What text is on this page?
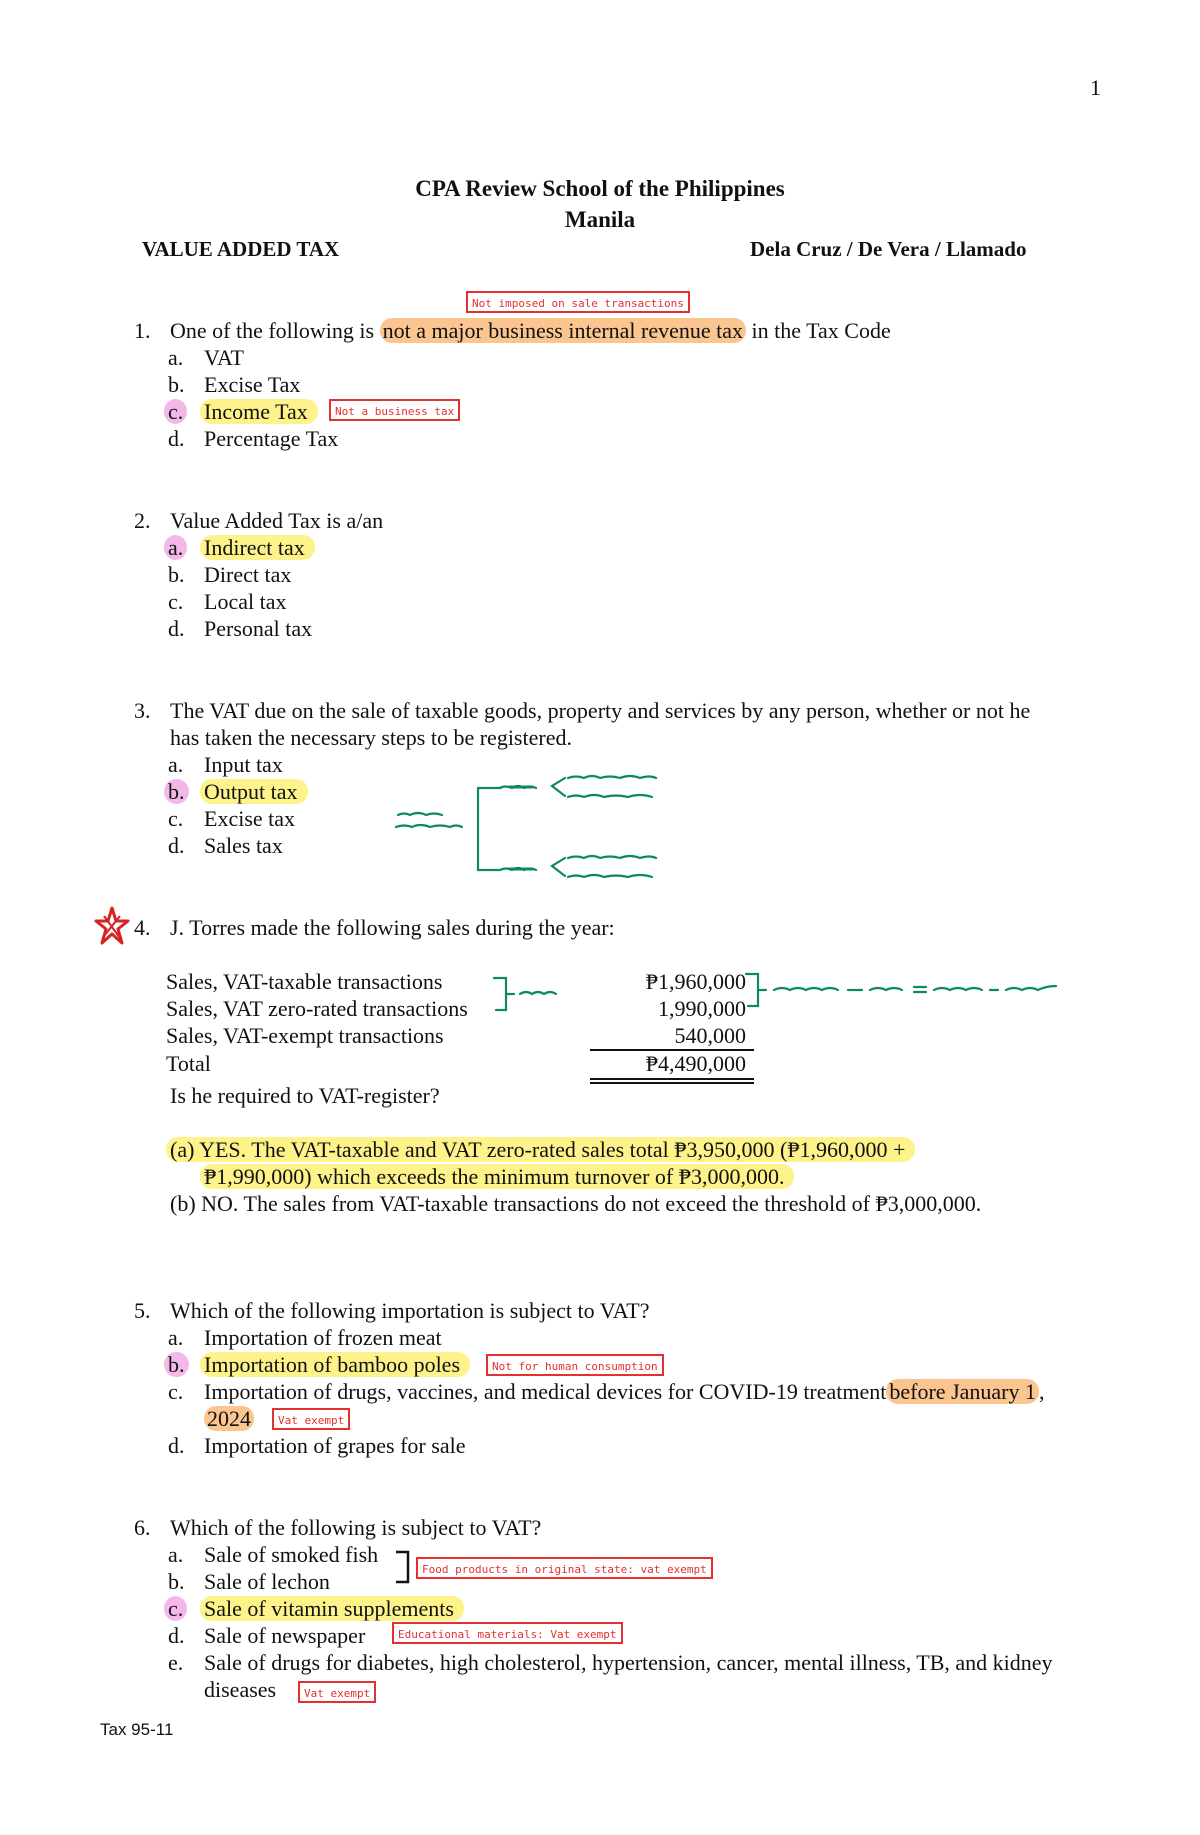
1
CPA Review School of the Philippines
Manila
VALUE ADDED TAX	Dela Cruz / De Vera / Llamado
Not imposed on sale transactions
1. One of the following is not a major business internal revenue tax in the Tax Code
a. VAT
b. Excise Tax
c. Income Tax	Not a business tax
d. Percentage Tax
2. Value Added Tax is a/an
a. Indirect tax
b. Direct tax
c. Local tax
d. Personal tax
3. The VAT due on the sale of taxable goods, property and services by any person, whether or not he
has taken the necessary steps to be registered.
a. Input tax
b. Output tax
c. Excise tax
d. Sales tax
4. J. Torres made the following sales during the year:
Sales, VAT-taxable transactions	₱1,960,000
Sales, VAT zero-rated transactions	1,990,000
Sales, VAT-exempt transactions	540,000
Total	₱4,490,000
Is he required to VAT-register?
(a) YES. The VAT-taxable and VAT zero-rated sales total ₱3,950,000 (₱1,960,000 +
₱1,990,000) which exceeds the minimum turnover of ₱3,000,000.
(b) NO. The sales from VAT-taxable transactions do not exceed the threshold of ₱3,000,000.
5. Which of the following importation is subject to VAT?
a. Importation of frozen meat
b. Importation of bamboo poles	Not for human consumption
c. Importation of drugs, vaccines, and medical devices for COVID-19 treatment before January 1 ,
2024	Vat exempt
d. Importation of grapes for sale
6. Which of the following is subject to VAT?
a. Sale of smoked fish
Food products in original state: vat exempt
b. Sale of lechon
c. Sale of vitamin supplements
d. Sale of newspaper	Educational materials: Vat exempt
e. Sale of drugs for diabetes, high cholesterol, hypertension, cancer, mental illness, TB, and kidney
diseases	Vat exempt
Tax 95-11
